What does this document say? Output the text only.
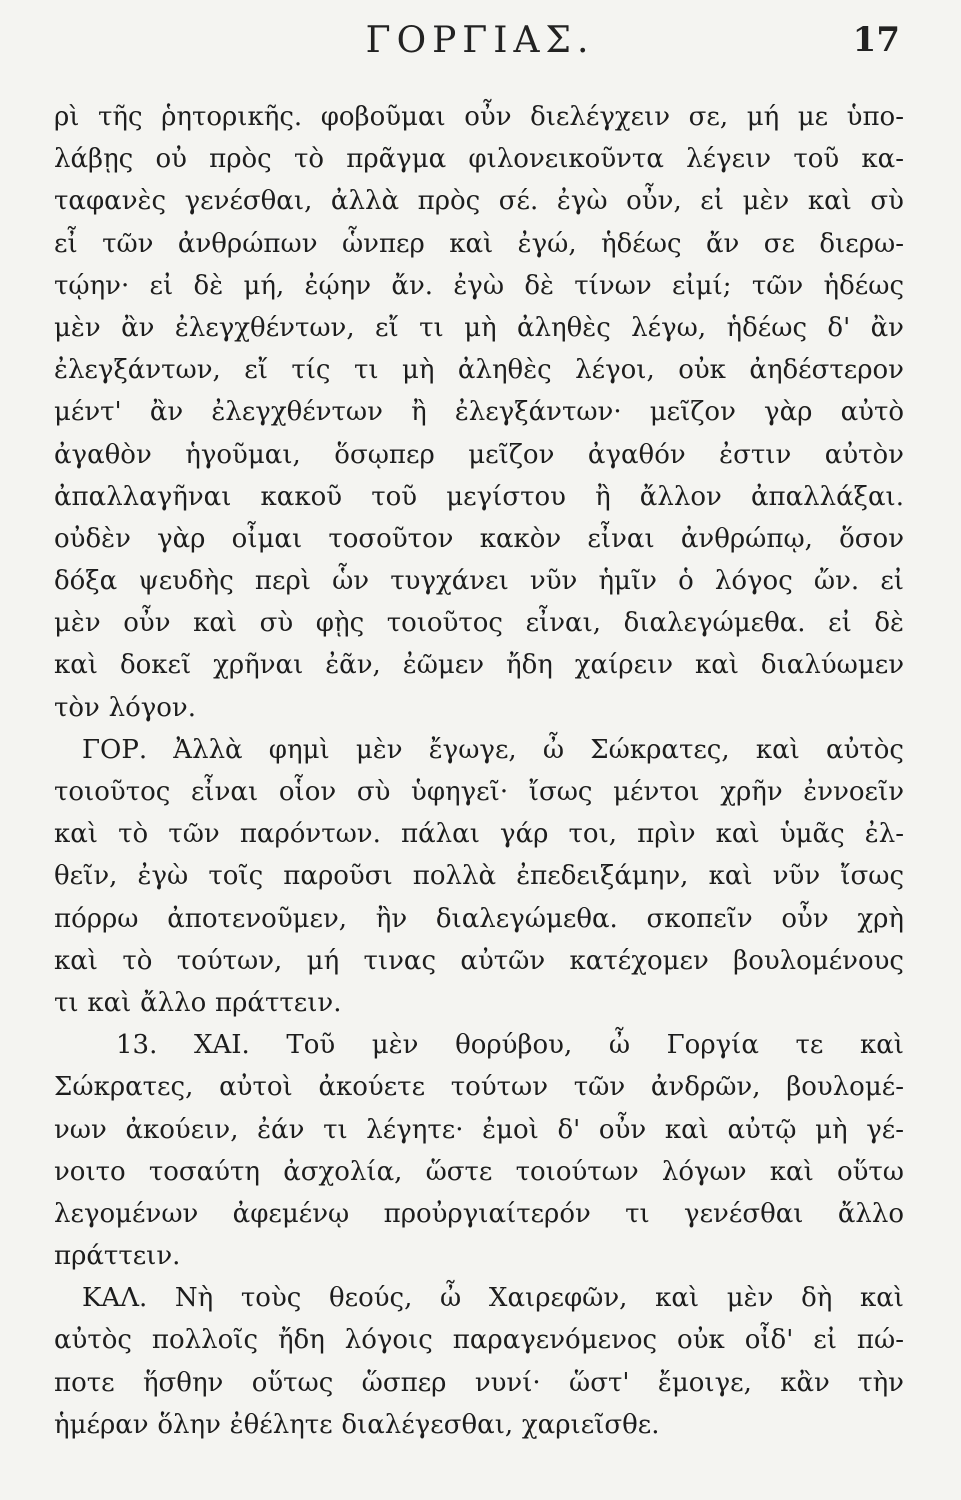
ΓΟΡΓΙΑΣ.	17
ρὶ τῆς ῥητορικῆς. φοβοῦμαι οὖν διελέγχειν σε, μή με ὑπο-
λάβῃς οὐ πρὸς τὸ πρᾶγμα φιλονεικοῦντα λέγειν τοῦ κα-
ταφανὲς γενέσθαι, ἀλλὰ πρὸς σέ. ἐγὼ οὖν, εἰ μὲν καὶ σὺ
εἶ τῶν ἀνθρώπων ὧνπερ καὶ ἐγώ, ἡδέως ἄν σε διερω-
τῴην· εἰ δὲ μή, ἐῴην ἄν. ἐγὼ δὲ τίνων εἰμί; τῶν ἡδέως
μὲν ἂν ἐλεγχθέντων, εἴ τι μὴ ἀληθὲς λέγω, ἡδέως δ' ἂν
ἐλεγξάντων, εἴ τίς τι μὴ ἀληθὲς λέγοι, οὐκ ἀηδέστερον
μέντ' ἂν ἐλεγχθέντων ἢ ἐλεγξάντων· μεῖζον γὰρ αὐτὸ
ἀγαθὸν ἡγοῦμαι, ὅσῳπερ μεῖζον ἀγαθόν ἐστιν αὐτὸν
ἀπαλλαγῆναι κακοῦ τοῦ μεγίστου ἢ ἄλλον ἀπαλλάξαι.
οὐδὲν γὰρ οἶμαι τοσοῦτον κακὸν εἶναι ἀνθρώπῳ, ὅσον
δόξα ψευδὴς περὶ ὧν τυγχάνει νῦν ἡμῖν ὁ λόγος ὤν. εἰ
μὲν οὖν καὶ σὺ φῂς τοιοῦτος εἶναι, διαλεγώμεθα. εἰ δὲ
καὶ δοκεῖ χρῆναι ἐᾶν, ἐῶμεν ἤδη χαίρειν καὶ διαλύωμεν
τὸν λόγον.
ΓΟΡ. Ἀλλὰ φημὶ μὲν ἔγωγε, ὦ Σώκρατες, καὶ αὐτὸς
τοιοῦτος εἶναι οἷον σὺ ὑφηγεῖ· ἴσως μέντοι χρῆν ἐννοεῖν
καὶ τὸ τῶν παρόντων. πάλαι γάρ τοι, πρὶν καὶ ὑμᾶς ἐλ-
θεῖν, ἐγὼ τοῖς παροῦσι πολλὰ ἐπεδειξάμην, καὶ νῦν ἴσως
πόρρω ἀποτενοῦμεν, ἢν διαλεγώμεθα. σκοπεῖν οὖν χρὴ
καὶ τὸ τούτων, μή τινας αὐτῶν κατέχομεν βουλομένους
τι καὶ ἄλλο πράττειν.
13. ΧΑΙ. Τοῦ μὲν θορύβου, ὦ Γοργία τε καὶ
Σώκρατες, αὐτοὶ ἀκούετε τούτων τῶν ἀνδρῶν, βουλομέ-
νων ἀκούειν, ἐάν τι λέγητε· ἐμοὶ δ' οὖν καὶ αὐτῷ μὴ γέ-
νοιτο τοσαύτη ἀσχολία, ὥστε τοιούτων λόγων καὶ οὕτω
λεγομένων ἀφεμένῳ προὐργιαίτερόν τι γενέσθαι ἄλλο
πράττειν.
ΚΑΛ. Νὴ τοὺς θεούς, ὦ Χαιρεφῶν, καὶ μὲν δὴ καὶ
αὐτὸς πολλοῖς ἤδη λόγοις παραγενόμενος οὐκ οἶδ' εἰ πώ-
ποτε ἥσθην οὕτως ὥσπερ νυνί· ὥστ' ἔμοιγε, κἂν τὴν
ἡμέραν ὅλην ἐθέλητε διαλέγεσθαι, χαριεῖσθε.
